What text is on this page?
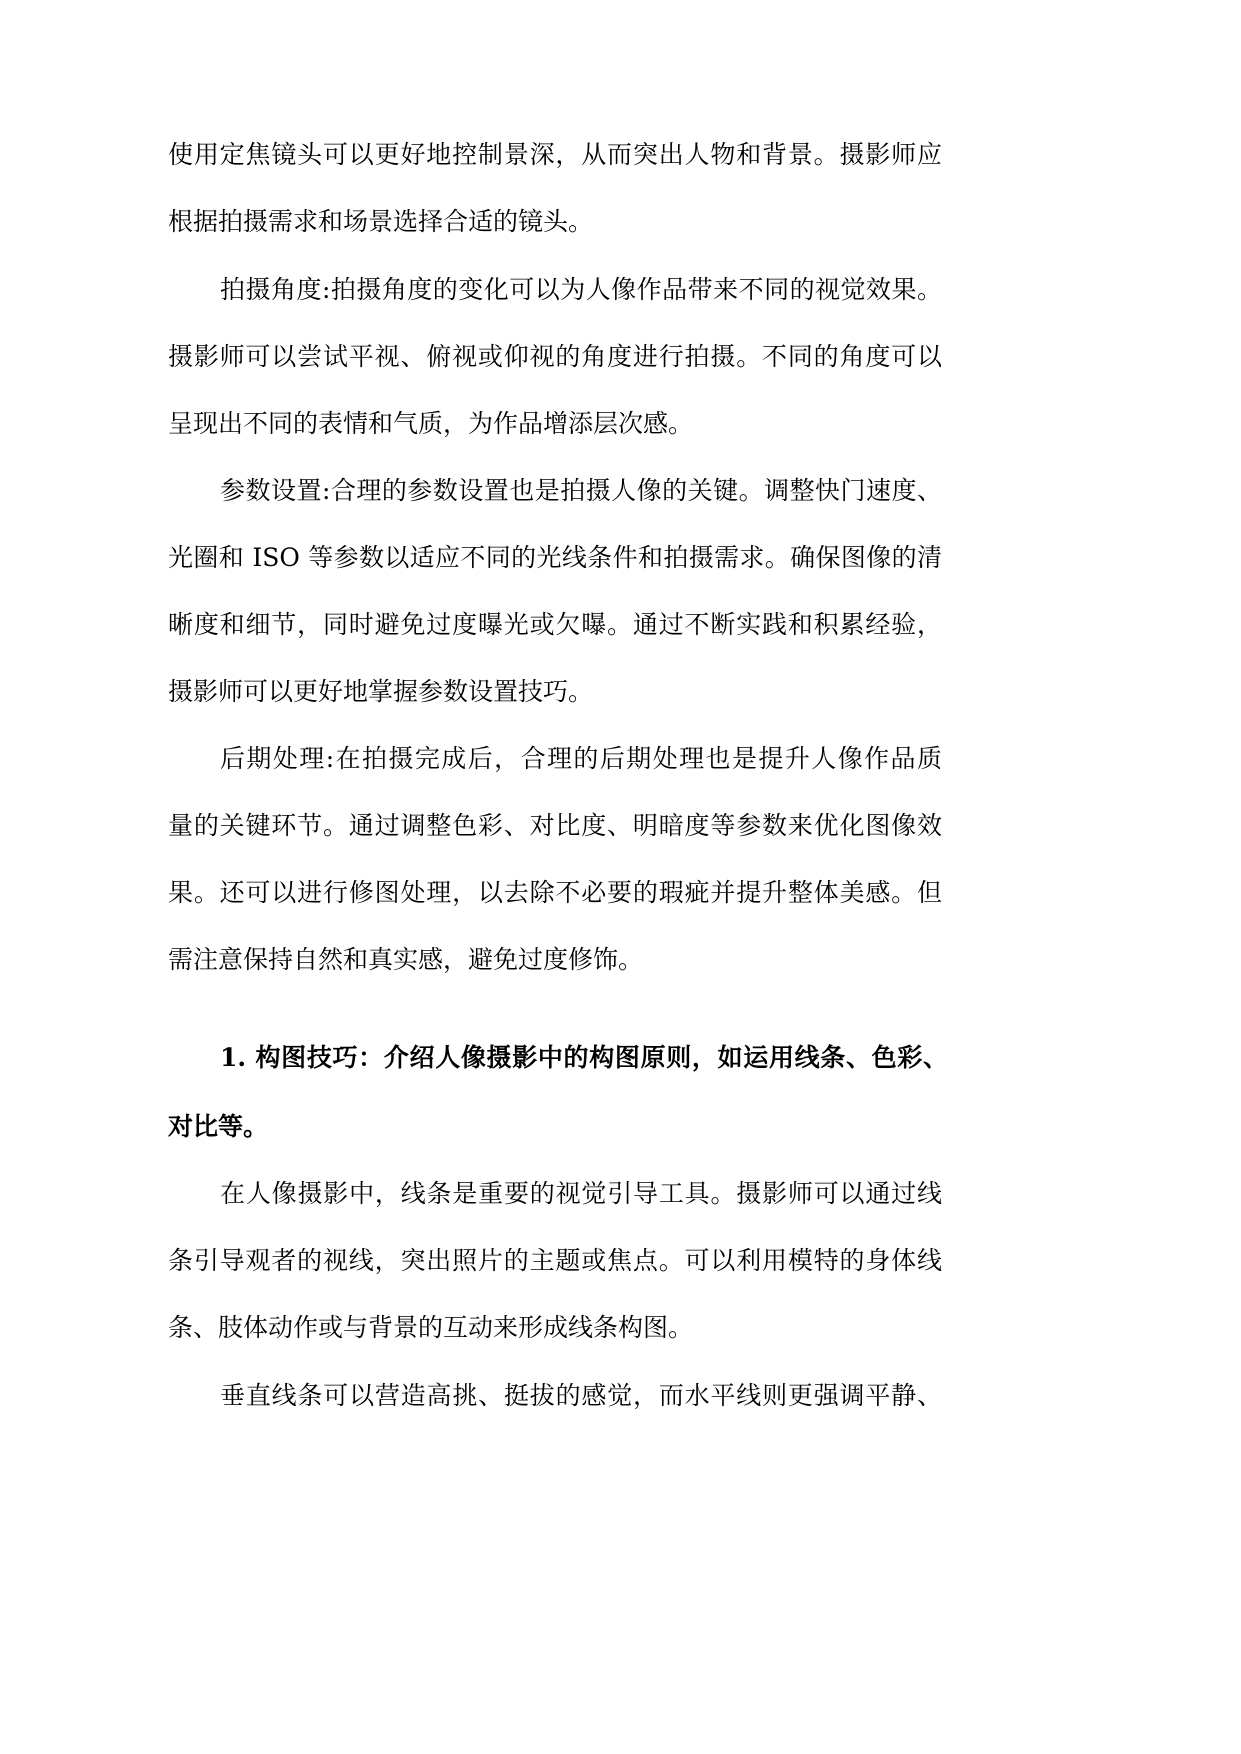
使用定焦镜头可以更好地控制景深，从而突出人物和背景。摄影师应
根据拍摄需求和场景选择合适的镜头。
拍摄角度:拍摄角度的变化可以为人像作品带来不同的视觉效果。
摄影师可以尝试平视、俯视或仰视的角度进行拍摄。不同的角度可以
呈现出不同的表情和气质，为作品增添层次感。
参数设置:合理的参数设置也是拍摄人像的关键。调整快门速度、
光圈和 ISO 等参数以适应不同的光线条件和拍摄需求。确保图像的清
晰度和细节，同时避免过度曝光或欠曝。通过不断实践和积累经验，
摄影师可以更好地掌握参数设置技巧。
后期处理:在拍摄完成后，合理的后期处理也是提升人像作品质
量的关键环节。通过调整色彩、对比度、明暗度等参数来优化图像效
果。还可以进行修图处理，以去除不必要的瑕疵并提升整体美感。但
需注意保持自然和真实感，避免过度修饰。
1. 构图技巧：介绍人像摄影中的构图原则，如运用线条、色彩、
对比等。
在人像摄影中，线条是重要的视觉引导工具。摄影师可以通过线
条引导观者的视线，突出照片的主题或焦点。可以利用模特的身体线
条、肢体动作或与背景的互动来形成线条构图。
垂直线条可以营造高挑、挺拔的感觉，而水平线则更强调平静、
